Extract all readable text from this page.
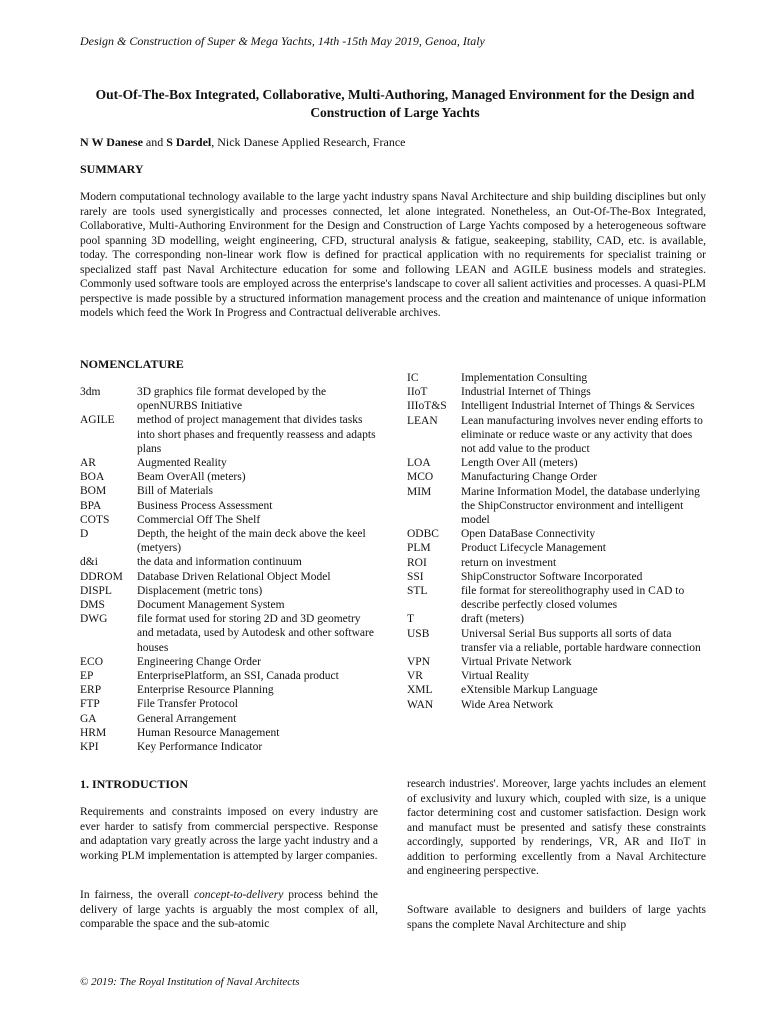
Design & Construction of Super & Mega Yachts, 14th -15th May 2019, Genoa, Italy
Out-Of-The-Box Integrated, Collaborative, Multi-Authoring, Managed Environment for the Design and Construction of Large Yachts
N W Danese and S Dardel, Nick Danese Applied Research, France
SUMMARY
Modern computational technology available to the large yacht industry spans Naval Architecture and ship building disciplines but only rarely are tools used synergistically and processes connected, let alone integrated. Nonetheless, an Out-Of-The-Box Integrated, Collaborative, Multi-Authoring Environment for the Design and Construction of Large Yachts composed by a heterogeneous software pool spanning 3D modelling, weight engineering, CFD, structural analysis & fatigue, seakeeping, stability, CAD, etc. is available, today. The corresponding non-linear work flow is defined for practical application with no requirements for specialist training or specialized staff past Naval Architecture education for some and following LEAN and AGILE business models and strategies. Commonly used software tools are employed across the enterprise's landscape to cover all salient activities and processes. A quasi-PLM perspective is made possible by a structured information management process and the creation and maintenance of unique information models which feed the Work In Progress and Contractual deliverable archives.
NOMENCLATURE
3dm	3D graphics file format developed by the openNURBS Initiative
AGILE	method of project management that divides tasks into short phases and frequently reassess and adapts plans
AR	Augmented Reality
BOA	Beam OverAll (meters)
BOM	Bill of Materials
BPA	Business Process Assessment
COTS	Commercial Off The Shelf
D	Depth, the height of the main deck above the keel (metyers)
d&i	the data and information continuum
DDROM	Database Driven Relational Object Model
DISPL	Displacement (metric tons)
DMS	Document Management System
DWG	file format used for storing 2D and 3D geometry and metadata, used by Autodesk and other software houses
ECO	Engineering Change Order
EP	EnterprisePlatform, an SSI, Canada product
ERP	Enterprise Resource Planning
FTP	File Transfer Protocol
GA	General Arrangement
HRM	Human Resource Management
KPI	Key Performance Indicator
IC	Implementation Consulting
IIoT	Industrial Internet of Things
IIIoT&S	Intelligent Industrial Internet of Things & Services
LEAN	Lean manufacturing involves never ending efforts to eliminate or reduce waste or any activity that does not add value to the product
LOA	Length Over All (meters)
MCO	Manufacturing Change Order
MIM	Marine Information Model, the database underlying the ShipConstructor environment and intelligent model
ODBC	Open DataBase Connectivity
PLM	Product Lifecycle Management
ROI	return on investment
SSI	ShipConstructor Software Incorporated
STL	file format for stereolithography used in CAD to describe perfectly closed volumes
T	draft (meters)
USB	Universal Serial Bus supports all sorts of data transfer via a reliable, portable hardware connection
VPN	Virtual Private Network
VR	Virtual Reality
XML	eXtensible Markup Language
WAN	Wide Area Network
1. INTRODUCTION
Requirements and constraints imposed on every industry are ever harder to satisfy from commercial perspective. Response and adaptation vary greatly across the large yacht industry and a working PLM implementation is attempted by larger companies.
In fairness, the overall concept-to-delivery process behind the delivery of large yachts is arguably the most complex of all, comparable the space and the sub-atomic
research industries'. Moreover, large yachts includes an element of exclusivity and luxury which, coupled with size, is a unique factor determining cost and customer satisfaction. Design work and manufact must be presented and satisfy these constraints accordingly, supported by renderings, VR, AR and IIoT in addition to performing excellently from a Naval Architecture and engineering perspective.
Software available to designers and builders of large yachts spans the complete Naval Architecture and ship
© 2019: The Royal Institution of Naval Architects
